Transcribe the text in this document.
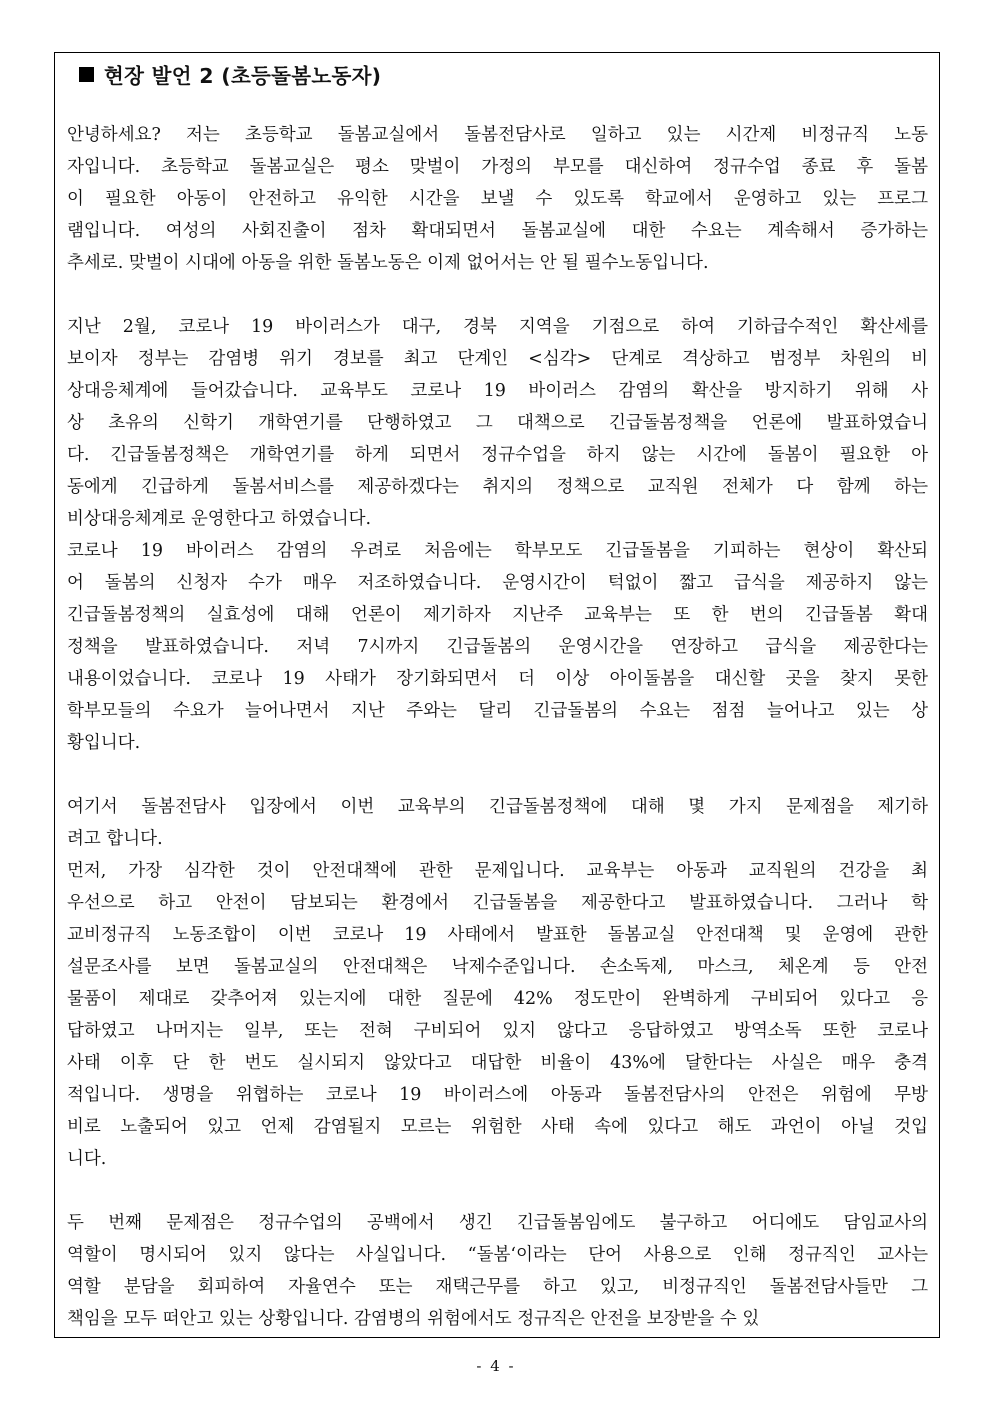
현장 발언 2 (초등돌봄노동자)
안녕하세요? 저는 초등학교 돌봄교실에서 돌봄전담사로 일하고 있는 시간제 비정규직 노동
자입니다. 초등학교 돌봄교실은 평소 맞벌이 가정의 부모를 대신하여 정규수업 종료 후 돌봄
이 필요한 아동이 안전하고 유익한 시간을 보낼 수 있도록 학교에서 운영하고 있는 프로그
램입니다. 여성의 사회진출이 점차 확대되면서 돌봄교실에 대한 수요는 계속해서 증가하는
추세로. 맞벌이 시대에 아동을 위한 돌봄노동은 이제 없어서는 안 될 필수노동입니다.
지난 2월, 코로나 19 바이러스가 대구, 경북 지역을 기점으로 하여 기하급수적인 확산세를
보이자 정부는 감염병 위기 경보를 최고 단계인 <심각> 단계로 격상하고 범정부 차원의 비
상대응체계에 들어갔습니다. 교육부도 코로나 19 바이러스 감염의 확산을 방지하기 위해 사
상 초유의 신학기 개학연기를 단행하였고 그 대책으로 긴급돌봄정책을 언론에 발표하였습니
다. 긴급돌봄정책은 개학연기를 하게 되면서 정규수업을 하지 않는 시간에 돌봄이 필요한 아
동에게 긴급하게 돌봄서비스를 제공하겠다는 취지의 정책으로 교직원 전체가 다 함께 하는
비상대응체계로 운영한다고 하였습니다.
코로나 19 바이러스 감염의 우려로 처음에는 학부모도 긴급돌봄을 기피하는 현상이 확산되
어 돌봄의 신청자 수가 매우 저조하였습니다. 운영시간이 턱없이 짧고 급식을 제공하지 않는
긴급돌봄정책의 실효성에 대해 언론이 제기하자 지난주 교육부는 또 한 번의 긴급돌봄 확대
정책을 발표하였습니다. 저녁 7시까지 긴급돌봄의 운영시간을 연장하고 급식을 제공한다는
내용이었습니다. 코로나 19 사태가 장기화되면서 더 이상 아이돌봄을 대신할 곳을 찾지 못한
학부모들의 수요가 늘어나면서 지난 주와는 달리 긴급돌봄의 수요는 점점 늘어나고 있는 상
황입니다.
여기서 돌봄전담사 입장에서 이번 교육부의 긴급돌봄정책에 대해 몇 가지 문제점을 제기하
려고 합니다.
먼저, 가장 심각한 것이 안전대책에 관한 문제입니다. 교육부는 아동과 교직원의 건강을 최
우선으로 하고 안전이 담보되는 환경에서 긴급돌봄을 제공한다고 발표하였습니다. 그러나 학
교비정규직 노동조합이 이번 코로나 19 사태에서 발표한 돌봄교실 안전대책 및 운영에 관한
설문조사를 보면 돌봄교실의 안전대책은 낙제수준입니다. 손소독제, 마스크, 체온계 등 안전
물품이 제대로 갖추어져 있는지에 대한 질문에 42% 정도만이 완벽하게 구비되어 있다고 응
답하였고 나머지는 일부, 또는 전혀 구비되어 있지 않다고 응답하였고 방역소독 또한 코로나
사태 이후 단 한 번도 실시되지 않았다고 대답한 비율이 43%에 달한다는 사실은 매우 충격
적입니다. 생명을 위협하는 코로나 19 바이러스에 아동과 돌봄전담사의 안전은 위험에 무방
비로 노출되어 있고 언제 감염될지 모르는 위험한 사태 속에 있다고 해도 과언이 아닐 것입
니다.
두 번째 문제점은 정규수업의 공백에서 생긴 긴급돌봄임에도 불구하고 어디에도 담임교사의
역할이 명시되어 있지 않다는 사실입니다. “돌봄‘이라는 단어 사용으로 인해 정규직인 교사는
역할 분담을 회피하여 자율연수 또는 재택근무를 하고 있고, 비정규직인 돌봄전담사들만 그
책임을 모두 떠안고 있는 상황입니다. 감염병의 위험에서도 정규직은 안전을 보장받을 수 있
- 4 -
